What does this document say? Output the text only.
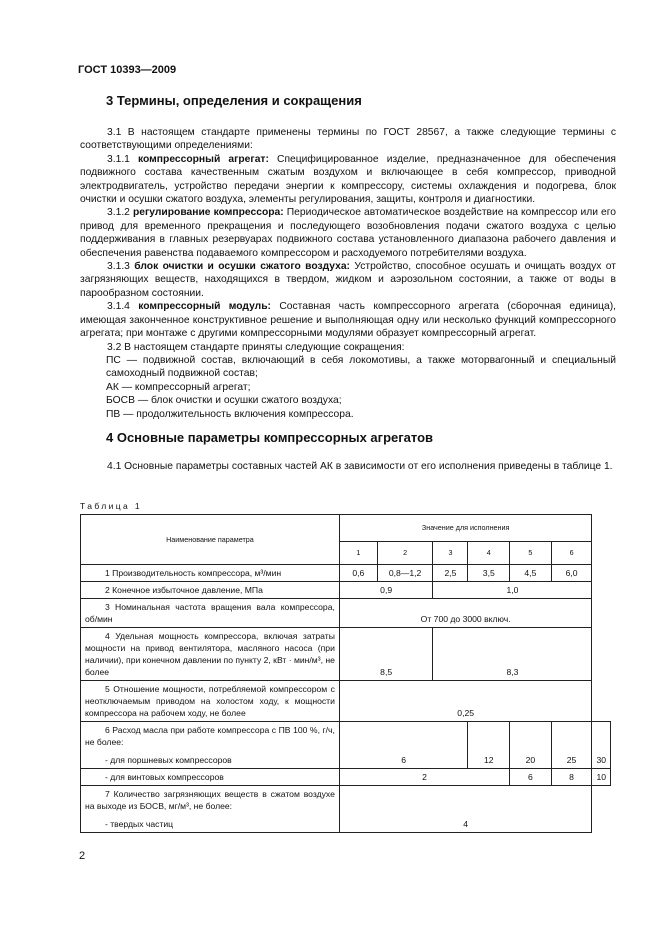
ГОСТ 10393—2009
3 Термины, определения и сокращения

3.1 В настоящем стандарте применены термины по ГОСТ 28567, а также следующие термины с соответствующими определениями:

3.1.1 компрессорный агрегат: Специфицированное изделие, предназначенное для обеспечения подвижного состава качественным сжатым воздухом и включающее в себя компрессор, приводной электродвигатель, устройство передачи энергии к компрессору, системы охлаждения и подогрева, блок очистки и осушки сжатого воздуха, элементы регулирования, защиты, контроля и диагностики.

3.1.2 регулирование компрессора: Периодическое автоматическое воздействие на компрессор или его привод для временного прекращения и последующего возобновления подачи сжатого воздуха с целью поддерживания в главных резервуарах подвижного состава установленного диапазона рабочего давления и обеспечения равенства подаваемого компрессором и расходуемого потребителями воздуха.

3.1.3 блок очистки и осушки сжатого воздуха: Устройство, способное осушать и очищать воздух от загрязняющих веществ, находящихся в твердом, жидком и аэрозольном состоянии, а также от воды в парообразном состоянии.

3.1.4 компрессорный модуль: Составная часть компрессорного агрегата (сборочная единица), имеющая законченное конструктивное решение и выполняющая одну или несколько функций компрессорного агрегата; при монтаже с другими компрессорными модулями образует компрессорный агрегат.

3.2 В настоящем стандарте приняты следующие сокращения:

ПС — подвижной состав, включающий в себя локомотивы, а также моторвагонный и специальный самоходный подвижной состав;

АК — компрессорный агрегат;

БОСВ — блок очистки и осушки сжатого воздуха;

ПВ — продолжительность включения компрессора.

4 Основные параметры компрессорных агрегатов

4.1 Основные параметры составных частей АК в зависимости от его исполнения приведены в таблице 1.

Таблица 1
Наименование параметра	Значение для исполнения						
	1	2	3	4	5	6	

1 Производительность компрессора, м³/мин	0,6	0,8—1,2	2,5	3,5	4,5	6,0	

2 Конечное избыточное давление, МПа	0,9		1,0				

3 Номинальная частота вращения вала компрессора, об/мин	От 700 до 3000 включ.						

4 Удельная мощность компрессора, включая затраты мощности на привод вентилятора, масляного насоса (при наличии), при конечном давлении по пункту 2, кВт · мин/м³, не более	8,5		8,3				

5 Отношение мощности, потребляемой компрессором с неотключаемым приводом на холостом ходу, к мощности компрессора на рабочем ходу, не более	0,25						

6 Расход масла при работе компрессора с ПВ 100 %, г/ч, не более:

- для поршневых компрессоров	6			12	20	25	30

- для винтовых компрессоров	2				6	8	10

7 Количество загрязняющих веществ в сжатом воздухе на выходе из БОСВ, мг/м³, не более:

- твердых частиц	4						
2
